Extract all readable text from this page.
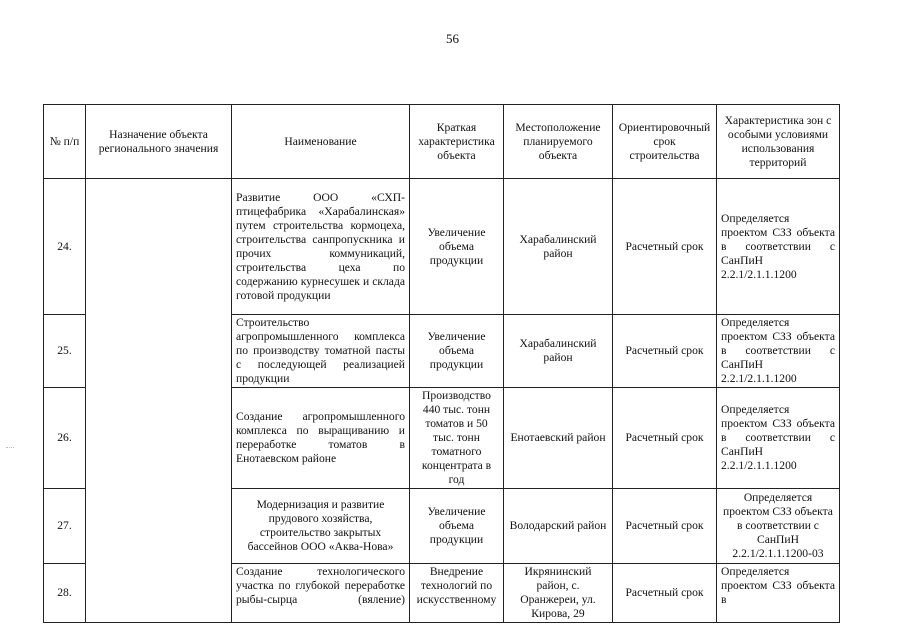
56
№ п/п	Назначение объекта регионального значения	Наименование	Краткая характеристика объекта	Местоположение планируемого объекта	Ориентировочный срок строительства	Характеристика зон с особыми условиями использования территорий
24.		Развитие ООО «СХП-птицефабрика «Харабалинская» путем строительства кормоцеха, строительства санпропускника и прочих коммуникаций, строительства цеха по содержанию курнесушек и склада готовой продукции	Увеличение объема продукции	Харабалинский район	Расчетный срок	Определяется проектом СЗЗ объекта в соответствии с СанПиН 2.2.1/2.1.1.1200
25.		Строительство агропромышленного комплекса по производству томатной пасты с последующей реализацией продукции	Увеличение объема продукции	Харабалинский район	Расчетный срок	Определяется проектом СЗЗ объекта в соответствии с СанПиН 2.2.1/2.1.1.1200
26.		Создание агропромышленного комплекса по выращиванию и переработке томатов в Енотаевском районе	Производство 440 тыс. тонн томатов и 50 тыс. тонн томатного концентрата в год	Енотаевский район	Расчетный срок	Определяется проектом СЗЗ объекта в соответствии с СанПиН 2.2.1/2.1.1.1200
27.		Модернизация и развитие прудового хозяйства, строительство закрытых бассейнов ООО «Аква-Нова»	Увеличение объема продукции	Володарский район	Расчетный срок	Определяется проектом СЗЗ объекта в соответствии с СанПиН 2.2.1/2.1.1.1200-03
28.		Создание технологического участка по глубокой переработке рыбы-сырца (вяление)	Внедрение технологий по искусственному	Икрянинский район, с. Оранжереи, ул. Кирова, 29	Расчетный срок	Определяется проектом СЗЗ объекта в
